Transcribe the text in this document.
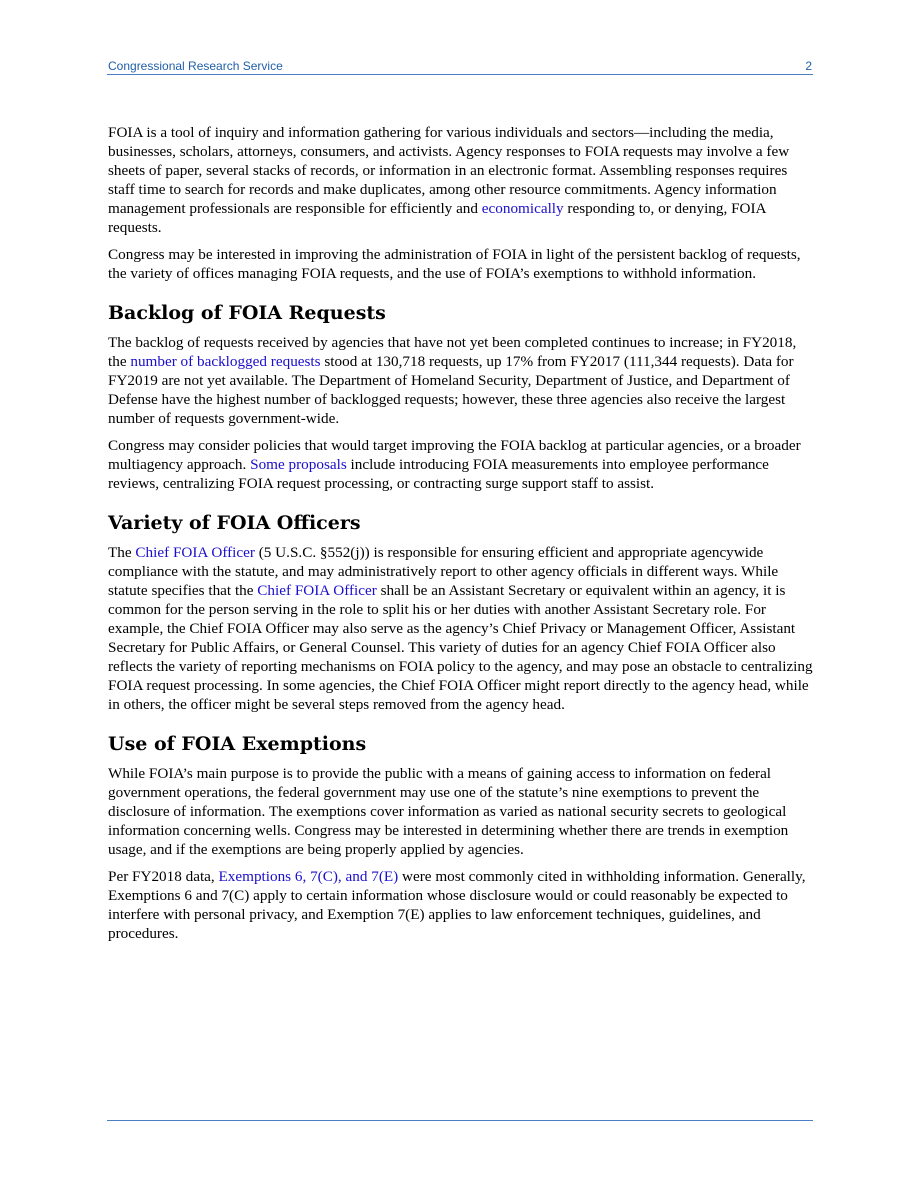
Congressional Research Service	2

FOIA is a tool of inquiry and information gathering for various individuals and sectors—including the media, businesses, scholars, attorneys, consumers, and activists. Agency responses to FOIA requests may involve a few sheets of paper, several stacks of records, or information in an electronic format. Assembling responses requires staff time to search for records and make duplicates, among other resource commitments. Agency information management professionals are responsible for efficiently and economically responding to, or denying, FOIA requests.

Congress may be interested in improving the administration of FOIA in light of the persistent backlog of requests, the variety of offices managing FOIA requests, and the use of FOIA’s exemptions to withhold information.

Backlog of FOIA Requests

The backlog of requests received by agencies that have not yet been completed continues to increase; in FY2018, the number of backlogged requests stood at 130,718 requests, up 17% from FY2017 (111,344 requests). Data for FY2019 are not yet available. The Department of Homeland Security, Department of Justice, and Department of Defense have the highest number of backlogged requests; however, these three agencies also receive the largest number of requests government-wide.

Congress may consider policies that would target improving the FOIA backlog at particular agencies, or a broader multiagency approach. Some proposals include introducing FOIA measurements into employee performance reviews, centralizing FOIA request processing, or contracting surge support staff to assist.

Variety of FOIA Officers

The Chief FOIA Officer (5 U.S.C. §552(j)) is responsible for ensuring efficient and appropriate agencywide compliance with the statute, and may administratively report to other agency officials in different ways. While statute specifies that the Chief FOIA Officer shall be an Assistant Secretary or equivalent within an agency, it is common for the person serving in the role to split his or her duties with another Assistant Secretary role. For example, the Chief FOIA Officer may also serve as the agency’s Chief Privacy or Management Officer, Assistant Secretary for Public Affairs, or General Counsel. This variety of duties for an agency Chief FOIA Officer also reflects the variety of reporting mechanisms on FOIA policy to the agency, and may pose an obstacle to centralizing FOIA request processing. In some agencies, the Chief FOIA Officer might report directly to the agency head, while in others, the officer might be several steps removed from the agency head.

Use of FOIA Exemptions

While FOIA’s main purpose is to provide the public with a means of gaining access to information on federal government operations, the federal government may use one of the statute’s nine exemptions to prevent the disclosure of information. The exemptions cover information as varied as national security secrets to geological information concerning wells. Congress may be interested in determining whether there are trends in exemption usage, and if the exemptions are being properly applied by agencies.

Per FY2018 data, Exemptions 6, 7(C), and 7(E) were most commonly cited in withholding information. Generally, Exemptions 6 and 7(C) apply to certain information whose disclosure would or could reasonably be expected to interfere with personal privacy, and Exemption 7(E) applies to law enforcement techniques, guidelines, and procedures.
